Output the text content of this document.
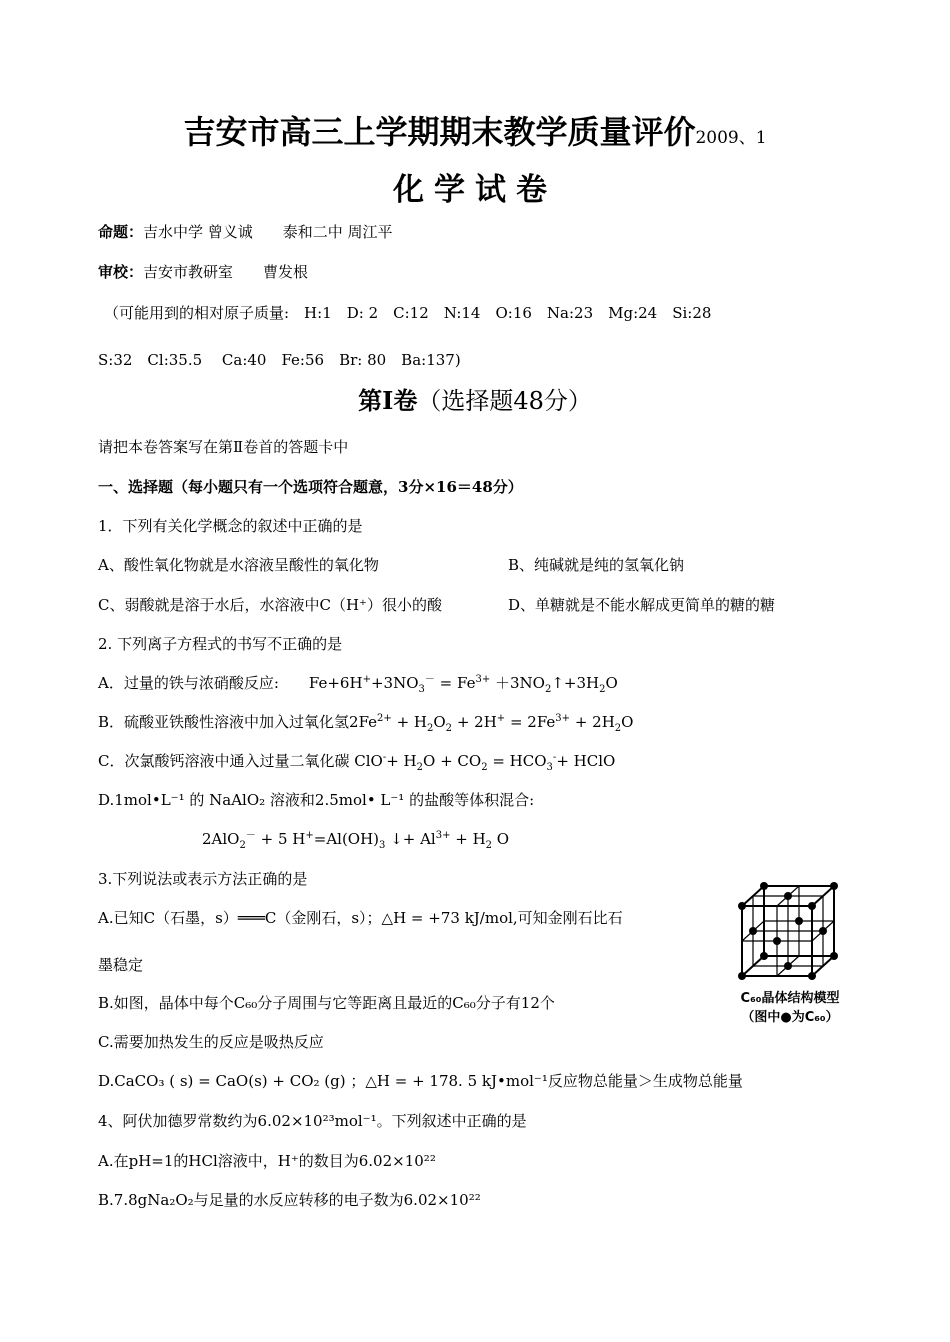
吉安市高三上学期期末教学质量评价2009、1
化学试卷
命题：吉水中学 曾义诚　　泰和二中 周江平
审校：吉安市教研室　　曹发根
（可能用到的相对原子质量:　H:1　D: 2　C:12　N:14　O:16　Na:23　Mg:24　Si:28
S:32　Cl:35.5　 Ca:40　Fe:56　Br: 80　Ba:137)
第Ⅰ卷（选择题48分）
请把本卷答案写在第Ⅱ卷首的答题卡中
一、选择题（每小题只有一个选项符合题意，3分×16＝48分）
1．下列有关化学概念的叙述中正确的是
A、酸性氧化物就是水溶液呈酸性的氧化物	B、纯碱就是纯的氢氧化钠
C、弱酸就是溶于水后，水溶液中C（H⁺）很小的酸	D、单糖就是不能水解成更简单的糖的糖
2. 下列离子方程式的书写不正确的是
A．过量的铁与浓硝酸反应:　　$Fe+6H^++3NO_3^- = Fe^{3+}$ $+3NO_2↑+3H_2O$
B．硫酸亚铁酸性溶液中加入过氧化氢$2Fe^{2+} + H_2O_2 + 2H^+ = 2Fe^{3+} + 2H_2O$
C．次氯酸钙溶液中通入过量二氧化碳 $ClO^-+ H_2O + CO_2 = HCO_3^-+$ HClO
D.1mol•L⁻¹ 的 NaAlO₂ 溶液和2.5mol• L⁻¹ 的盐酸等体积混合:
2AlO$_2$－ + 5 $H^+=Al(OH)_3$ ↓+ $Al^{3+} + H_2$ O
3.下列说法或表示方法正确的是
A.已知C（石墨，s）═══C（金刚石，s）；△H = +73 kJ/mol,可知金刚石比石
墨稳定
B.如图，晶体中每个C₆₀分子周围与它等距离且最近的C₆₀分子有12个
C.需要加热发生的反应是吸热反应
D.CaCO₃ ( s) = CaO(s) + CO₂ (g) ；△H = + 178. 5 kJ•mol⁻¹反应物总能量＞生成物总能量
C₆₀晶体结构模型
（图中●为C₆₀）
4、阿伏加德罗常数约为6.02×10²³mol⁻¹。下列叙述中正确的是
A.在pH=1的HCl溶液中，H⁺的数目为6.02×10²²
B.7.8gNa₂O₂与足量的水反应转移的电子数为6.02×10²²
